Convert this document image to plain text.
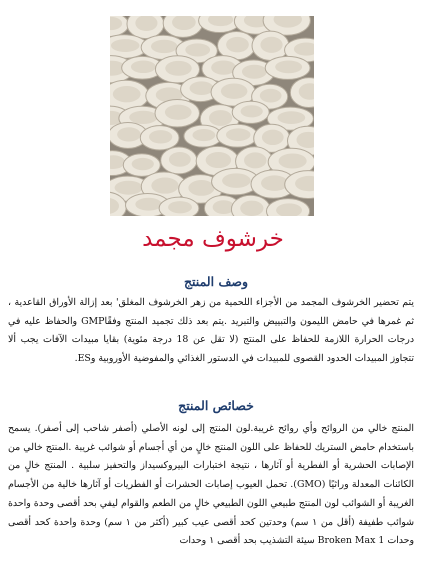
خرشوف مجمد
وصف المنتج
يتم تحضير الخرشوف المجمد من الأجزاء اللحمية من زهر الخرشوف المغلق' بعد إزالة الأوراق القاعدية ، ثم غمرها في حامض الليمون والتبييض والتبريد .يتم بعد ذلك تجميد المنتج وفقًاGMP والحفاظ عليه في درجات الحرارة اللازمة للحفاظ على المنتج (لا تقل عن 18 درجة مئوية) بقايا مبيدات الآفات يجب ألا تتجاوز المبيدات الحدود القصوى للمبيدات في الدستور الغذائي والمفوضية الأوروبية وES.
خصائص المنتج
المنتج خالي من الروائح وأي روائح غريبة.لون المنتج إلى لونه الأصلي (أصفر شاحب إلى أصفر). يسمح باستخدام حامض الستريك للحفاظ على اللون المنتج خالٍ من أي أجسام أو شوائب غريبة .المنتج خالي من الإصابات الحشرية أو الفطرية أو آثارها ، نتيجة اختبارات البيروكسيداز والتحفيز سلبية . المنتج خالٍ من الكائنات المعدلة وراثيًا (GMO). تحمل العيوب إصابات الحشرات أو الفطريات أو آثارها خالية من الأجسام الغريبة أو الشوائب لون المنتج طبيعي اللون الطبيعي خالٍ من الطعم والقوام ليفي بحد أقصى وحدة واحدة شوائب طفيفة (أقل من ١ سم) وحدتين كحد أقصى عيب كبير (أكثر من ١ سم) وحدة واحدة كحد أقصى وحدات Broken Max 1 سيئة التشذيب بحد أقصى ١ وحدات
